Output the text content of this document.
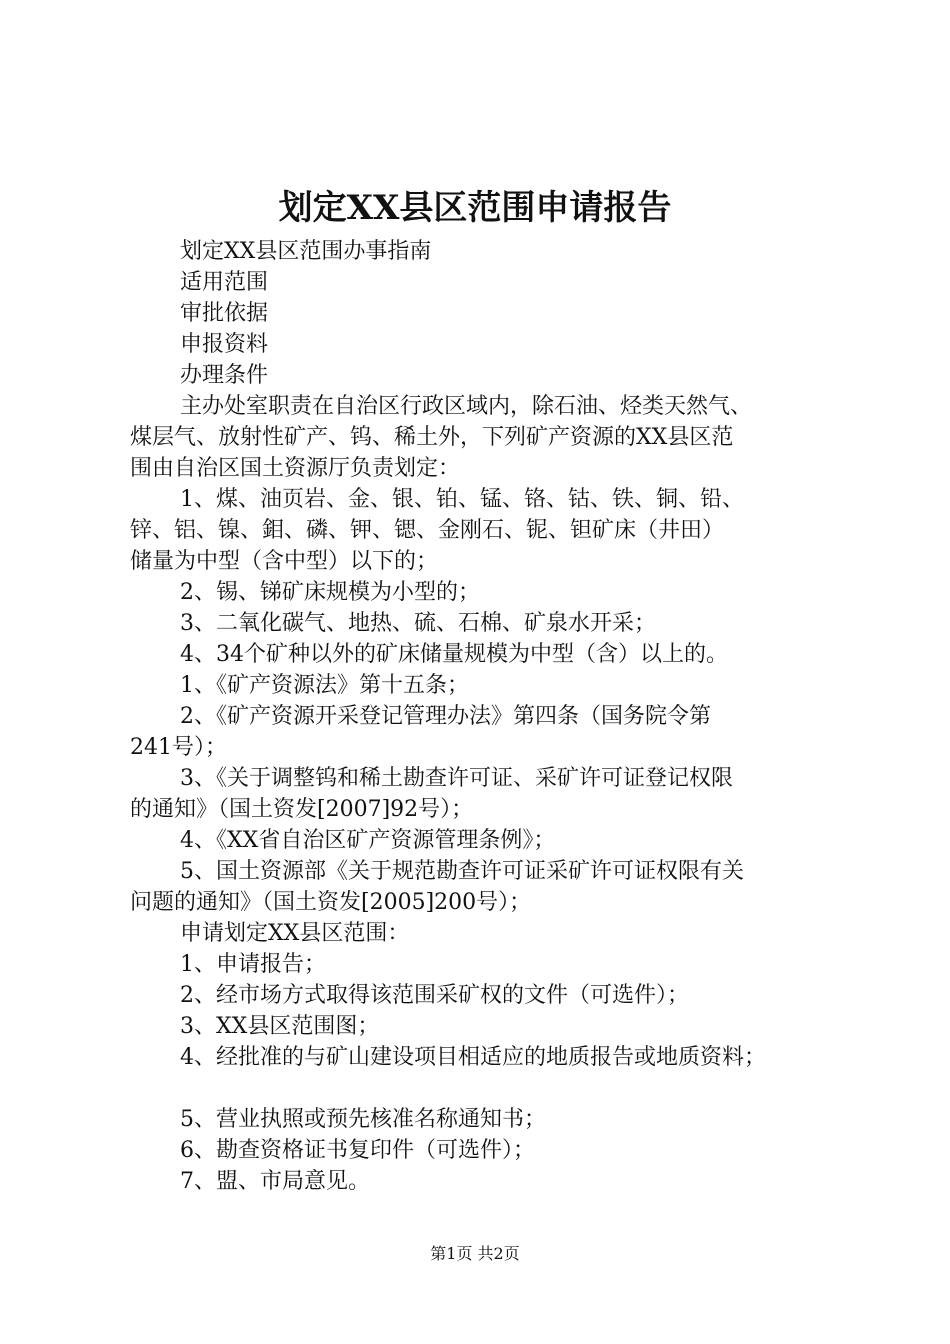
划定XX县区范围申请报告
划定XX县区范围办事指南
适用范围
审批依据
申报资料
办理条件
主办处室职责在自治区行政区域内，除石油、烃类天然气、
煤层气、放射性矿产、钨、稀土外，下列矿产资源的XX县区范
围由自治区国土资源厅负责划定：
1、煤、油页岩、金、银、铂、锰、铬、钴、铁、铜、铅、
锌、铝、镍、鉬、磷、钾、锶、金刚石、铌、钽矿床（井田）
储量为中型（含中型）以下的；
2、锡、锑矿床规模为小型的；
3、二氧化碳气、地热、硫、石棉、矿泉水开采；
4、34个矿种以外的矿床储量规模为中型（含）以上的。
1、《矿产资源法》第十五条；
2、《矿产资源开采登记管理办法》第四条（国务院令第
241号）；
3、《关于调整钨和稀土勘查许可证、采矿许可证登记权限
的通知》（国土资发[2007]92号）；
4、《XX省自治区矿产资源管理条例》；
5、国土资源部《关于规范勘查许可证采矿许可证权限有关
问题的通知》（国土资发[2005]200号）；
申请划定XX县区范围：
1、申请报告；
2、经市场方式取得该范围采矿权的文件（可选件）；
3、XX县区范围图；
4、经批准的与矿山建设项目相适应的地质报告或地质资料；
5、营业执照或预先核准名称通知书；
6、勘查资格证书复印件（可选件）；
7、盟、市局意见。
第1页 共2页
